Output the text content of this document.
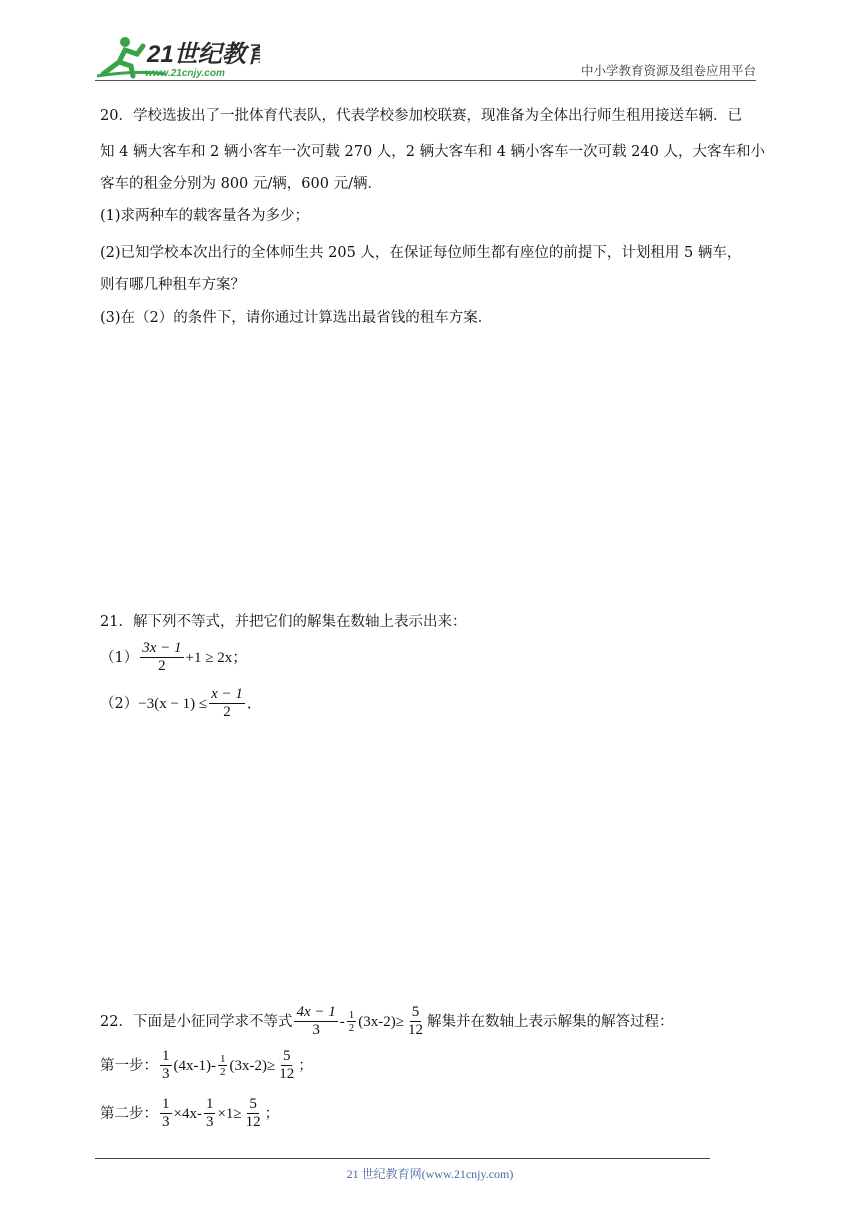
21世纪教育
www.21cnjy.com	中小学教育资源及组卷应用平台
20．学校选拔出了一批体育代表队，代表学校参加校联赛，现准备为全体出行师生租用接送车辆．已
知 4 辆大客车和 2 辆小客车一次可载 270 人，2 辆大客车和 4 辆小客车一次可载 240 人，大客车和小
客车的租金分别为 800 元/辆，600 元/辆．
(1)求两种车的载客量各为多少；
(2)已知学校本次出行的全体师生共 205 人，在保证每位师生都有座位的前提下，计划租用 5 辆车，
则有哪几种租车方案？
(3)在（2）的条件下，请你通过计算选出最省钱的租车方案．
21．解下列不等式，并把它们的解集在数轴上表示出来：
$(1) \frac{3x - 1}{2} +1 \ge 2x$；
$(2) -3(x - 1) \le \frac{x - 1}{2}$ ．
22．下面是小征同学求不等式 $\frac{4x - 1}{3} - \frac{1}{2} (3x-2)\ge \frac{5}{12}$ 解集并在数轴上表示解集的解答过程：
第一步： $\frac{1}{3} (4x-1)- \frac{1}{2} (3x-2)\ge \frac{5}{12}$ ；
第二步： $\frac{1}{3} \times 4x- \frac{1}{3} \times 1\ge \frac{5}{12}$ ；
21 世纪教育网(www.21cnjy.com)
